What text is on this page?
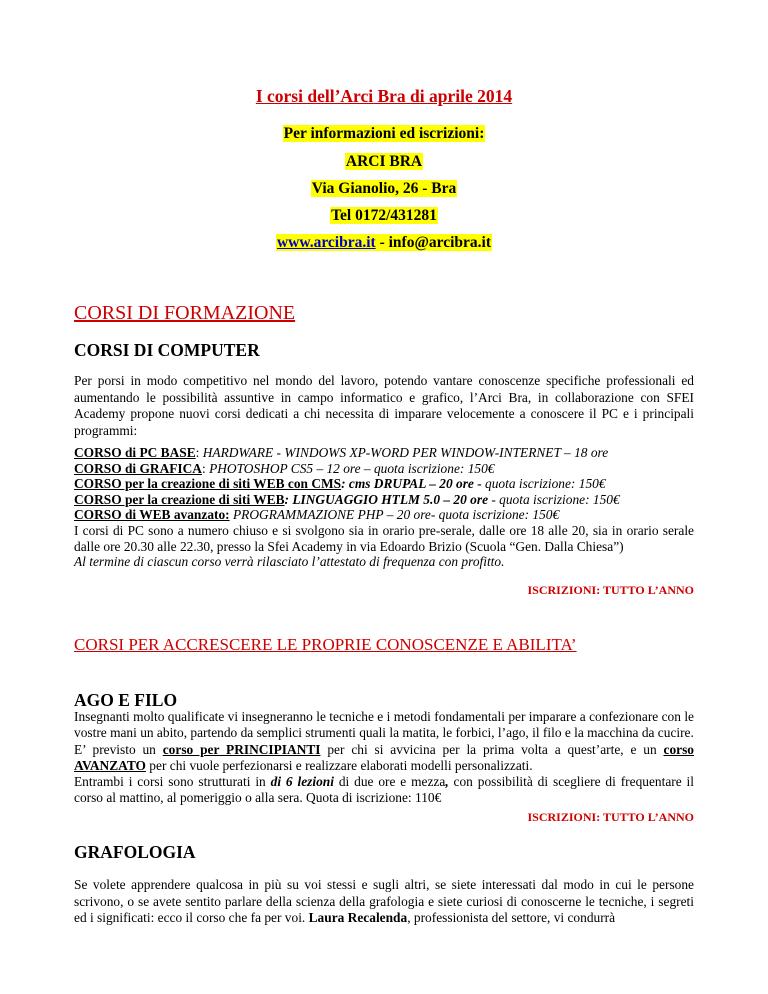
I corsi dell’Arci Bra di aprile 2014
Per informazioni ed iscrizioni:
ARCI BRA
Via Gianolio, 26 - Bra
Tel 0172/431281
www.arcibra.it - info@arcibra.it
CORSI DI FORMAZIONE
CORSI DI COMPUTER
Per porsi in modo competitivo nel mondo del lavoro, potendo vantare conoscenze specifiche professionali ed aumentando le possibilità assuntive in campo informatico e grafico, l’Arci Bra, in collaborazione con SFEI Academy propone nuovi corsi dedicati a chi necessita di imparare velocemente a conoscere il PC e i principali programmi:
CORSO di PC BASE: HARDWARE - WINDOWS XP-WORD PER WINDOW-INTERNET – 18 ore
CORSO di GRAFICA: PHOTOSHOP CS5 – 12 ore – quota iscrizione: 150€
CORSO per la creazione di siti WEB con CMS: cms DRUPAL – 20 ore - quota iscrizione: 150€
CORSO per la creazione di siti WEB: LINGUAGGIO HTLM 5.0 – 20 ore - quota iscrizione: 150€
CORSO di WEB avanzato: PROGRAMMAZIONE PHP – 20 ore- quota iscrizione: 150€

I corsi di PC sono a numero chiuso e si svolgono sia in orario pre-serale, dalle ore 18 alle 20, sia in orario serale dalle ore 20.30 alle 22.30, presso la Sfei Academy in via Edoardo Brizio (Scuola “Gen. Dalla Chiesa”)

Al termine di ciascun corso verrà rilasciato l’attestato di frequenza con profitto.

ISCRIZIONI: TUTTO L’ANNO
CORSI PER ACCRESCERE LE PROPRIE CONOSCENZE E ABILITA’
AGO E FILO

Insegnanti molto qualificate vi insegneranno le tecniche e i metodi fondamentali per imparare a confezionare con le vostre mani un abito, partendo da semplici strumenti quali la matita, le forbici, l’ago, il filo e la macchina da cucire.

E’ previsto un corso per PRINCIPIANTI per chi si avvicina per la prima volta a quest’arte, e un corso AVANZATO per chi vuole perfezionarsi e realizzare elaborati modelli personalizzati.

Entrambi i corsi sono strutturati in di 6 lezioni di due ore e mezza, con possibilità di scegliere di frequentare il corso al mattino, al pomeriggio o alla sera. Quota di iscrizione: 110€

ISCRIZIONI: TUTTO L’ANNO
GRAFOLOGIA

Se volete apprendere qualcosa in più su voi stessi e sugli altri, se siete interessati dal modo in cui le persone scrivono, o se avete sentito parlare della scienza della grafologia e siete curiosi di conoscerne le tecniche, i segreti ed i significati: ecco il corso che fa per voi. Laura Recalenda, professionista del settore, vi condurrà
